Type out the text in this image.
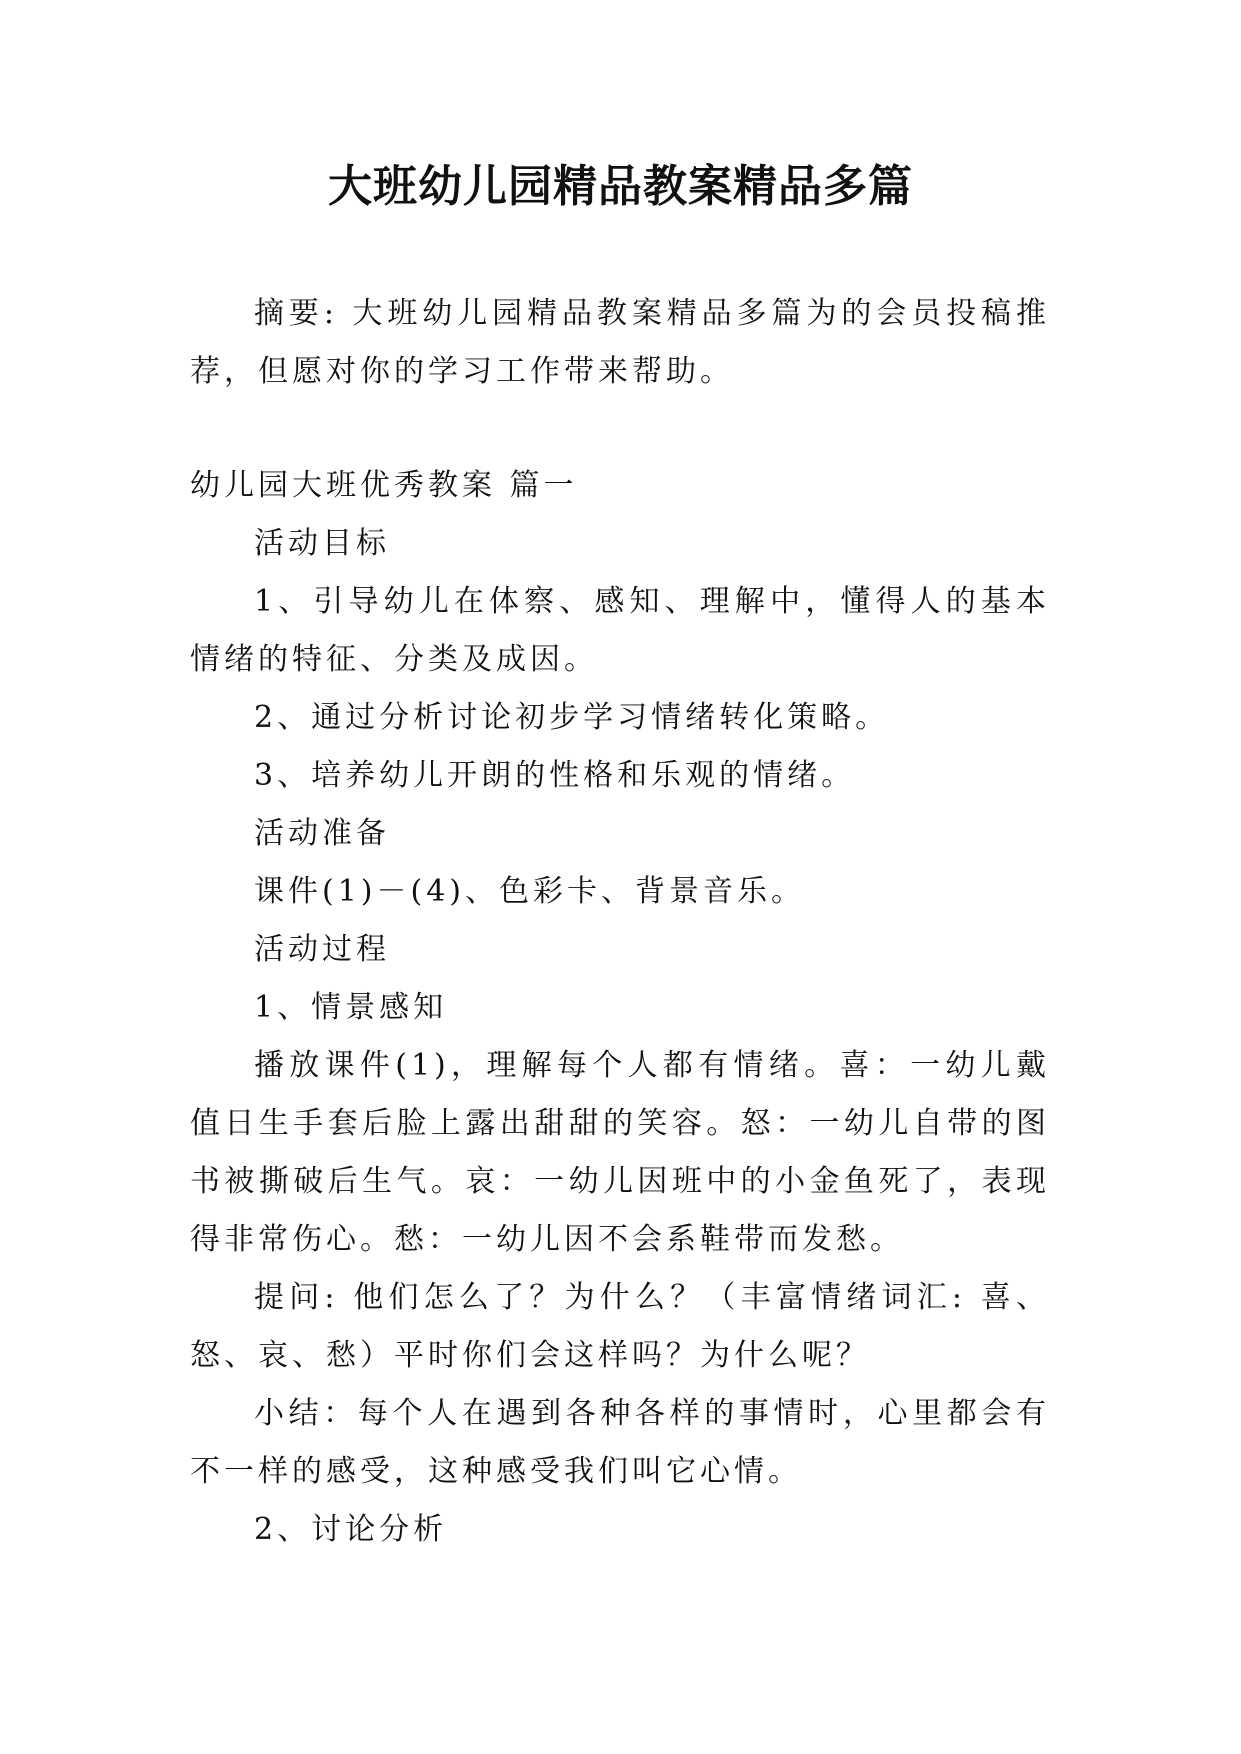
大班幼儿园精品教案精品多篇

摘要: 大班幼儿园精品教案精品多篇为的会员投稿推荐，但愿对你的学习工作带来帮助。

幼儿园大班优秀教案 篇一

活动目标

1、引导幼儿在体察、感知、理解中，懂得人的基本情绪的特征、分类及成因。

2、通过分析讨论初步学习情绪转化策略。

3、培养幼儿开朗的性格和乐观的情绪。

活动准备

课件(1)－(4)、色彩卡、背景音乐。

活动过程

1、情景感知

播放课件(1)，理解每个人都有情绪。喜：一幼儿戴值日生手套后脸上露出甜甜的笑容。怒：一幼儿自带的图书被撕破后生气。哀：一幼儿因班中的小金鱼死了，表现得非常伤心。愁：一幼儿因不会系鞋带而发愁。

提问: 他们怎么了？为什么？（丰富情绪词汇: 喜、怒、哀、愁）平时你们会这样吗？为什么呢？

小结：每个人在遇到各种各样的事情时，心里都会有不一样的感受，这种感受我们叫它心情。

2、讨论分析
